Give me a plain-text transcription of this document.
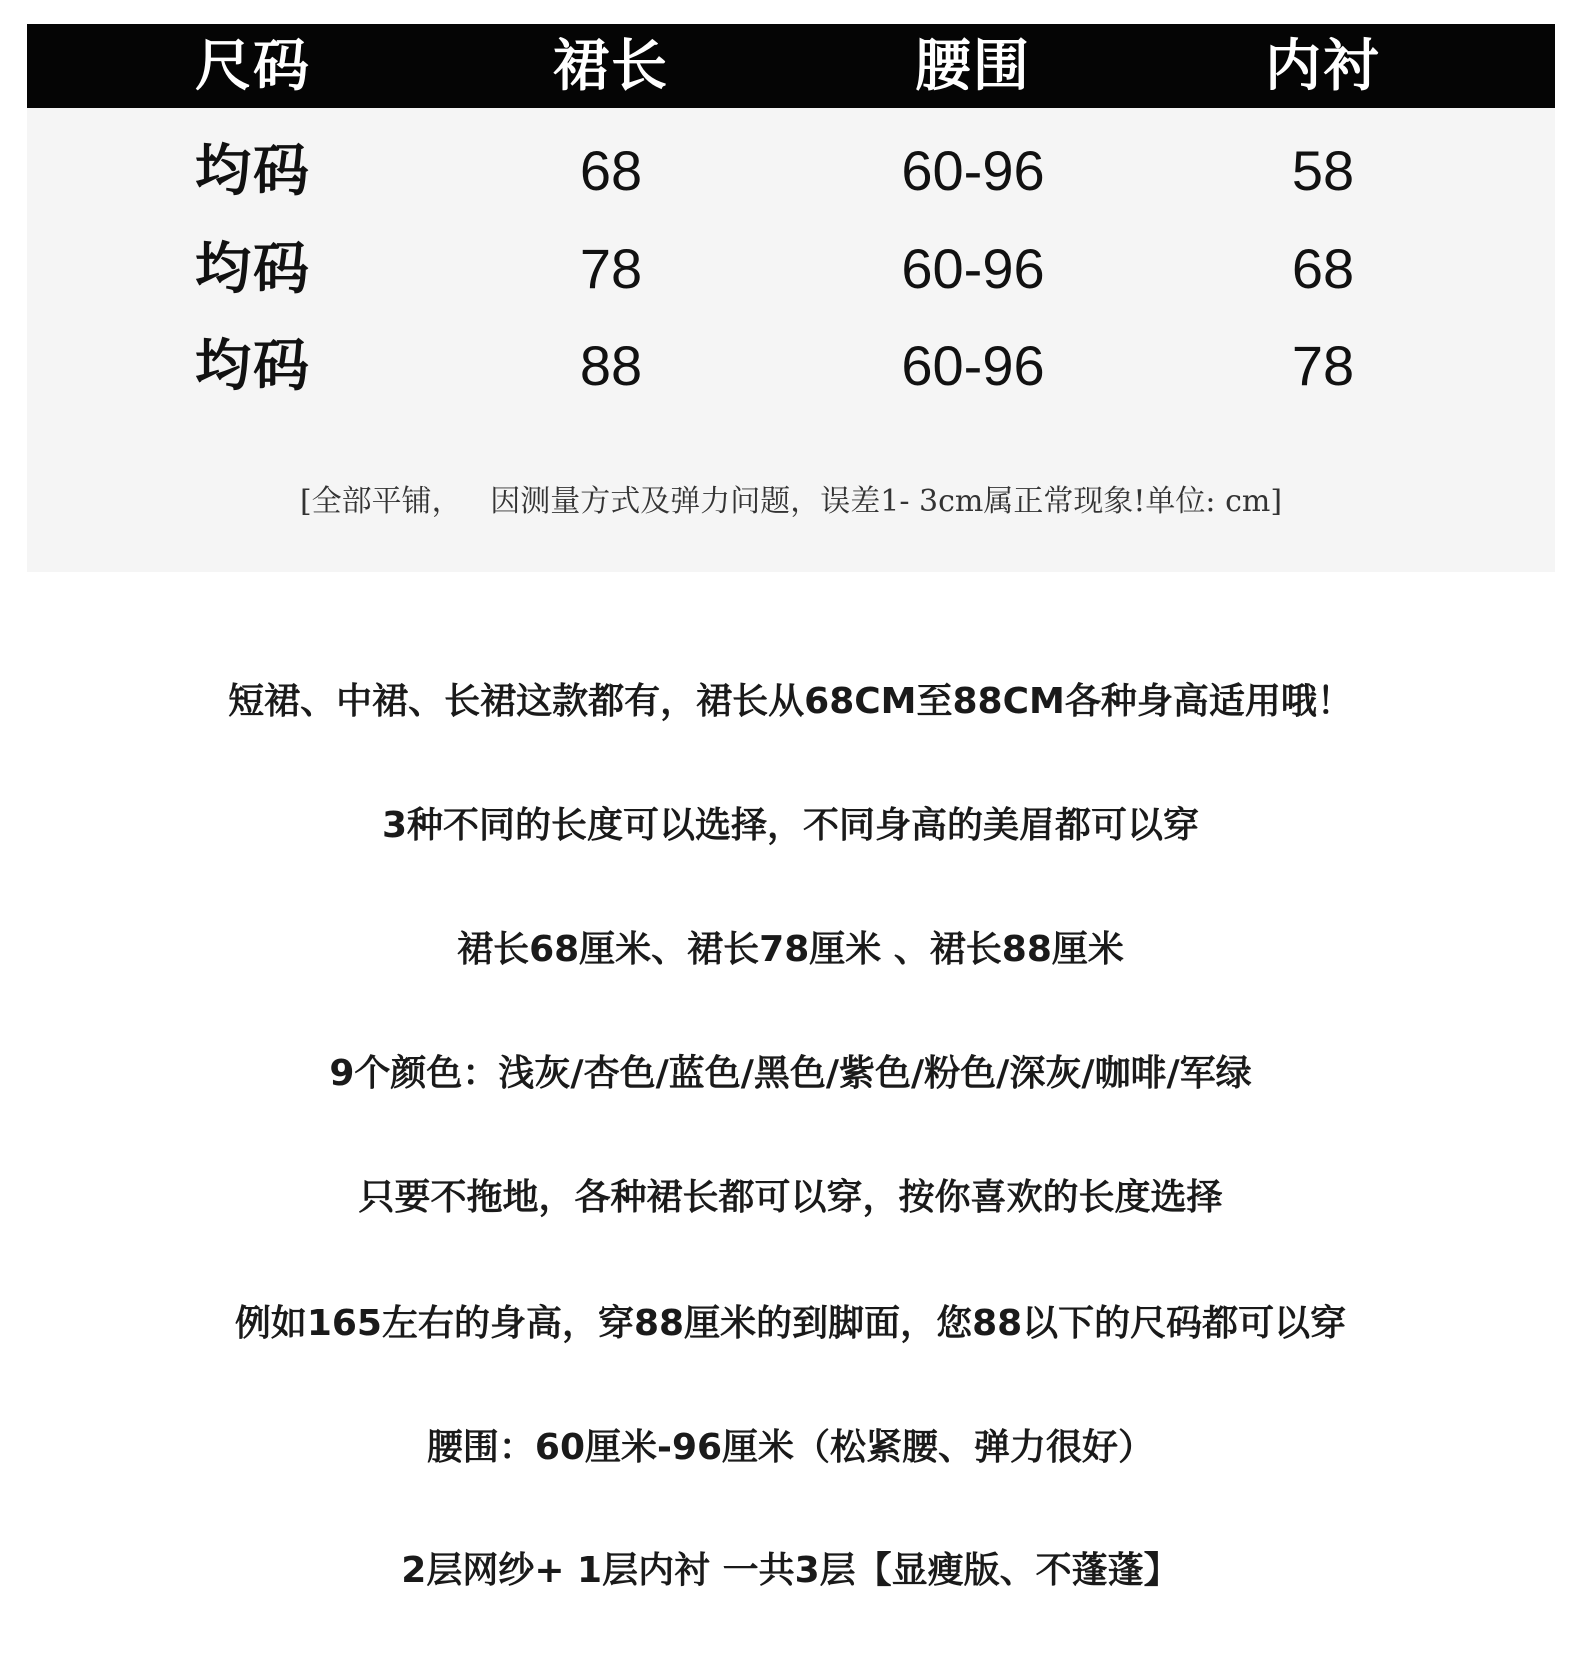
尺码	裙长	腰围	内衬
均码	68	60-96	58
均码	78	60-96	68
均码	88	60-96	78
[全部平铺，   因测量方式及弹力问题，误差1- 3cm属正常现象!单位: cm]
短裙、中裙、长裙这款都有，裙长从68CM至88CM各种身高适用哦！
3种不同的长度可以选择，不同身高的美眉都可以穿
裙长68厘米、裙长78厘米 、裙长88厘米
9个颜色：浅灰/杏色/蓝色/黑色/紫色/粉色/深灰/咖啡/军绿
只要不拖地，各种裙长都可以穿，按你喜欢的长度选择
例如165左右的身高，穿88厘米的到脚面，您88以下的尺码都可以穿
腰围：60厘米-96厘米（松紧腰、弹力很好）
2层网纱+ 1层内衬 一共3层【显瘦版、不蓬蓬】
